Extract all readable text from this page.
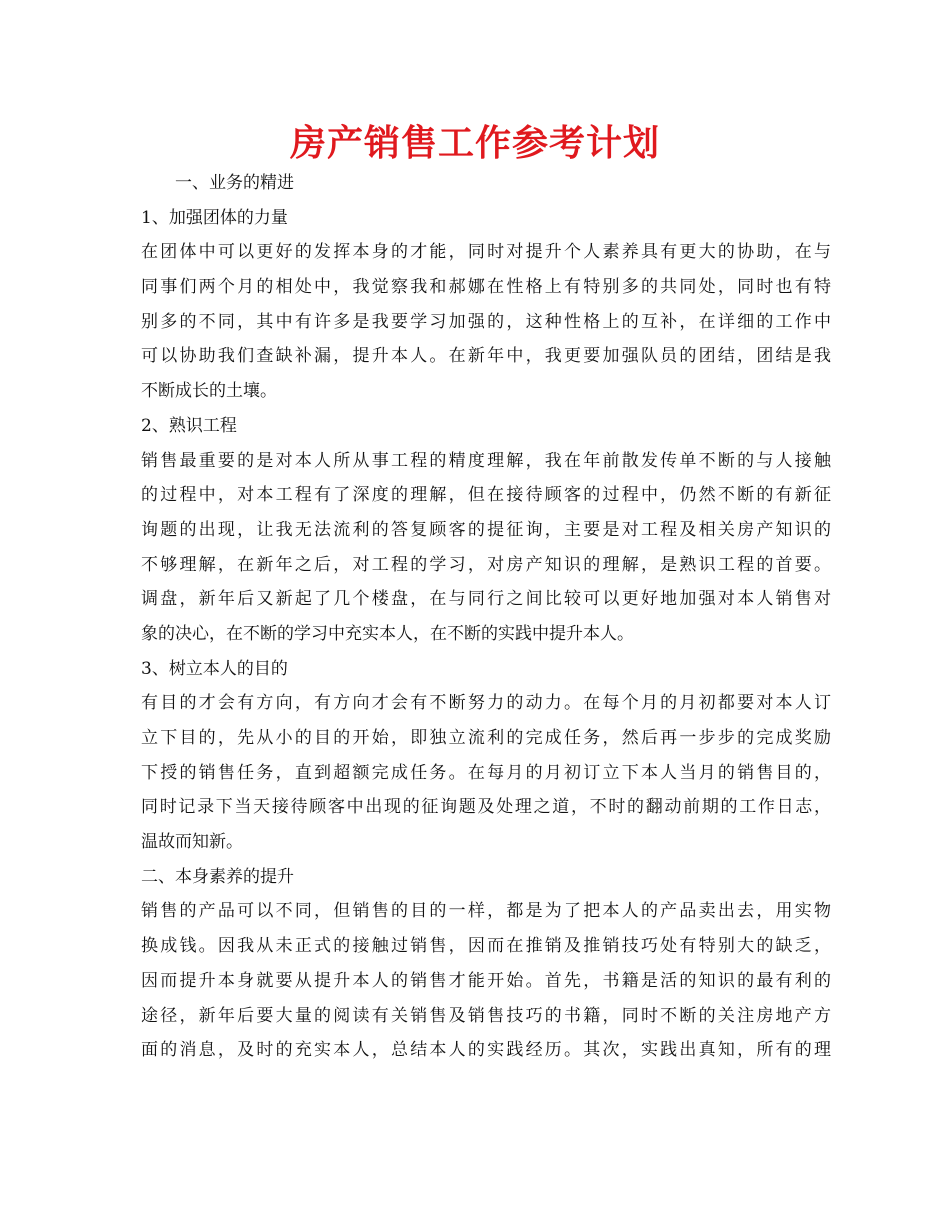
房产销售工作参考计划

一、业务的精进

1、加强团体的力量

在团体中可以更好的发挥本身的才能，同时对提升个人素养具有更大的协助，在与

同事们两个月的相处中，我觉察我和郝娜在性格上有特别多的共同处，同时也有特

别多的不同，其中有许多是我要学习加强的，这种性格上的互补，在详细的工作中

可以协助我们查缺补漏，提升本人。在新年中，我更要加强队员的团结，团结是我

不断成长的土壤。

2、熟识工程

销售最重要的是对本人所从事工程的精度理解，我在年前散发传单不断的与人接触

的过程中，对本工程有了深度的理解，但在接待顾客的过程中，仍然不断的有新征

询题的出现，让我无法流利的答复顾客的提征询，主要是对工程及相关房产知识的

不够理解，在新年之后，对工程的学习，对房产知识的理解，是熟识工程的首要。

调盘，新年后又新起了几个楼盘，在与同行之间比较可以更好地加强对本人销售对

象的决心，在不断的学习中充实本人，在不断的实践中提升本人。

3、树立本人的目的

有目的才会有方向，有方向才会有不断努力的动力。在每个月的月初都要对本人订

立下目的，先从小的目的开始，即独立流利的完成任务，然后再一步步的完成奖励

下授的销售任务，直到超额完成任务。在每月的月初订立下本人当月的销售目的，

同时记录下当天接待顾客中出现的征询题及处理之道，不时的翻动前期的工作日志，

温故而知新。

二、本身素养的提升

销售的产品可以不同，但销售的目的一样，都是为了把本人的产品卖出去，用实物

换成钱。因我从未正式的接触过销售，因而在推销及推销技巧处有特别大的缺乏，

因而提升本身就要从提升本人的销售才能开始。首先，书籍是活的知识的最有利的

途径，新年后要大量的阅读有关销售及销售技巧的书籍，同时不断的关注房地产方

面的消息，及时的充实本人，总结本人的实践经历。其次，实践出真知，所有的理
